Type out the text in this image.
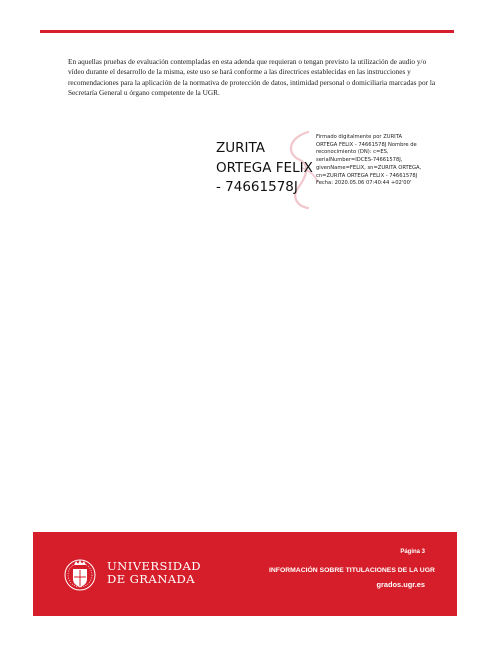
En aquellas pruebas de evaluación contempladas en esta adenda que requieran o tengan previsto la utilización de audio y/o vídeo durante el desarrollo de la misma, este uso se hará conforme a las directrices establecidas en las instrucciones y recomendaciones para la aplicación de la normativa de protección de datos, intimidad personal o domiciliaria marcadas por la Secretaría General u órgano competente de la UGR.

ZURITA ORTEGA FELIX - 74661578J
Firmado digitalmente por ZURITA ORTEGA FELIX - 74661578J Nombre de reconocimiento (DN): c=ES, serialNumber=IDCES-74661578J, givenName=FELIX, sn=ZURITA ORTEGA, cn=ZURITA ORTEGA FELIX - 74661578J Fecha: 2020.05.06 07:40:44 +02'00'
UNIVERSIDAD
DE GRANADA
Página 3
INFORMACIÓN SOBRE TITULACIONES DE LA UGR
grados.ugr.es
